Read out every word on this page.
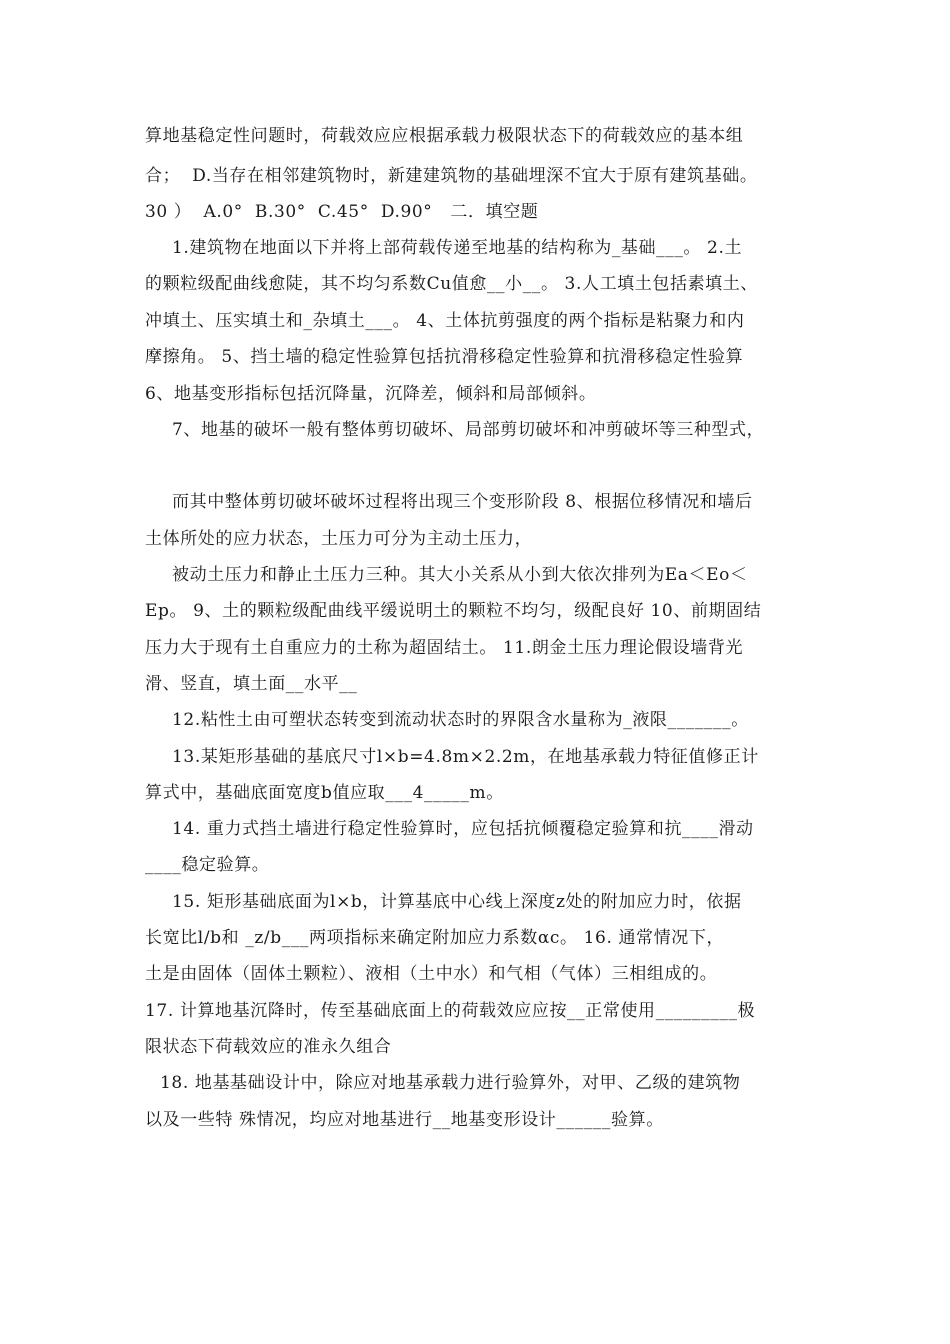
算地基稳定性问题时，荷载效应应根据承载力极限状态下的荷载效应的基本组
合；  D.当存在相邻建筑物时，新建建筑物的基础埋深不宜大于原有建筑基础。
30 ）  A.0°  B.30°  C.45°  D.90°   二．填空题
1.建筑物在地面以下并将上部荷载传递至地基的结构称为_基础___。 2.土
的颗粒级配曲线愈陡，其不均匀系数Cu值愈__小__。 3.人工填土包括素填土、
冲填土、压实填土和_杂填土___。 4、土体抗剪强度的两个指标是粘聚力和内
摩擦角。 5、挡土墙的稳定性验算包括抗滑移稳定性验算和抗滑移稳定性验算
6、地基变形指标包括沉降量，沉降差，倾斜和局部倾斜。
7、地基的破坏一般有整体剪切破坏、局部剪切破坏和冲剪破坏等三种型式，
而其中整体剪切破坏破坏过程将出现三个变形阶段 8、根据位移情况和墙后
土体所处的应力状态，土压力可分为主动土压力，
被动土压力和静止土压力三种。其大小关系从小到大依次排列为Ea＜Eo＜
Ep。 9、土的颗粒级配曲线平缓说明土的颗粒不均匀，级配良好 10、前期固结
压力大于现有土自重应力的土称为超固结土。 11.朗金土压力理论假设墙背光
滑、竖直，填土面__水平__
12.粘性土由可塑状态转变到流动状态时的界限含水量称为_液限_______。
13.某矩形基础的基底尺寸l×b=4.8m×2.2m，在地基承载力特征值修正计
算式中，基础底面宽度b值应取___4_____m。
14. 重力式挡土墙进行稳定性验算时，应包括抗倾覆稳定验算和抗____滑动
____稳定验算。
15. 矩形基础底面为l×b，计算基底中心线上深度z处的附加应力时，依据
长宽比l/b和 _z/b___两项指标来确定附加应力系数αc。 16. 通常情况下，
土是由固体（固体土颗粒）、液相（土中水）和气相（气体）三相组成的。
17. 计算地基沉降时，传至基础底面上的荷载效应应按__正常使用_________极
限状态下荷载效应的准永久组合
18. 地基基础设计中，除应对地基承载力进行验算外，对甲、乙级的建筑物
以及一些特 殊情况，均应对地基进行__地基变形设计______验算。
